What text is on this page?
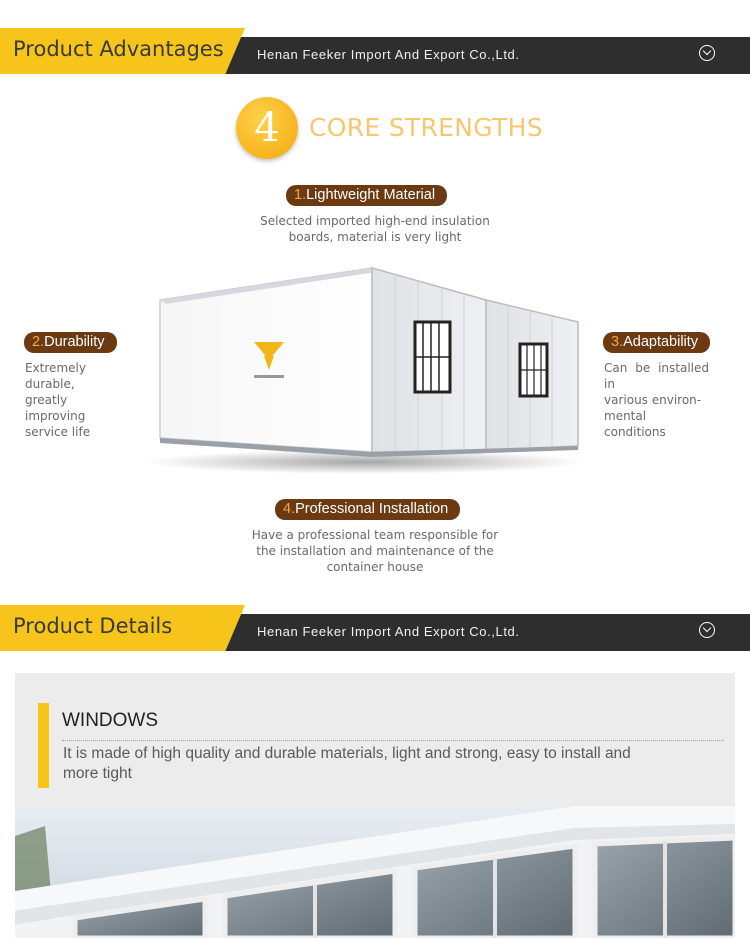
Product Advantages	Henan Feeker Import And Export Co.,Ltd.
4	CORE STRENGTHS
1.Lightweight Material
Selected imported high-end insulation
boards, material is very light
2.Durability
Extremely durable,
greatly improving
service life
3.Adaptability
Can be installed in
various environ-
mental conditions
4.Professional Installation
Have a professional team responsible for
the installation and maintenance of the
container house
Product Details	Henan Feeker Import And Export Co.,Ltd.
WINDOWS
It is made of high quality and durable materials, light and strong, easy to install and more tight
